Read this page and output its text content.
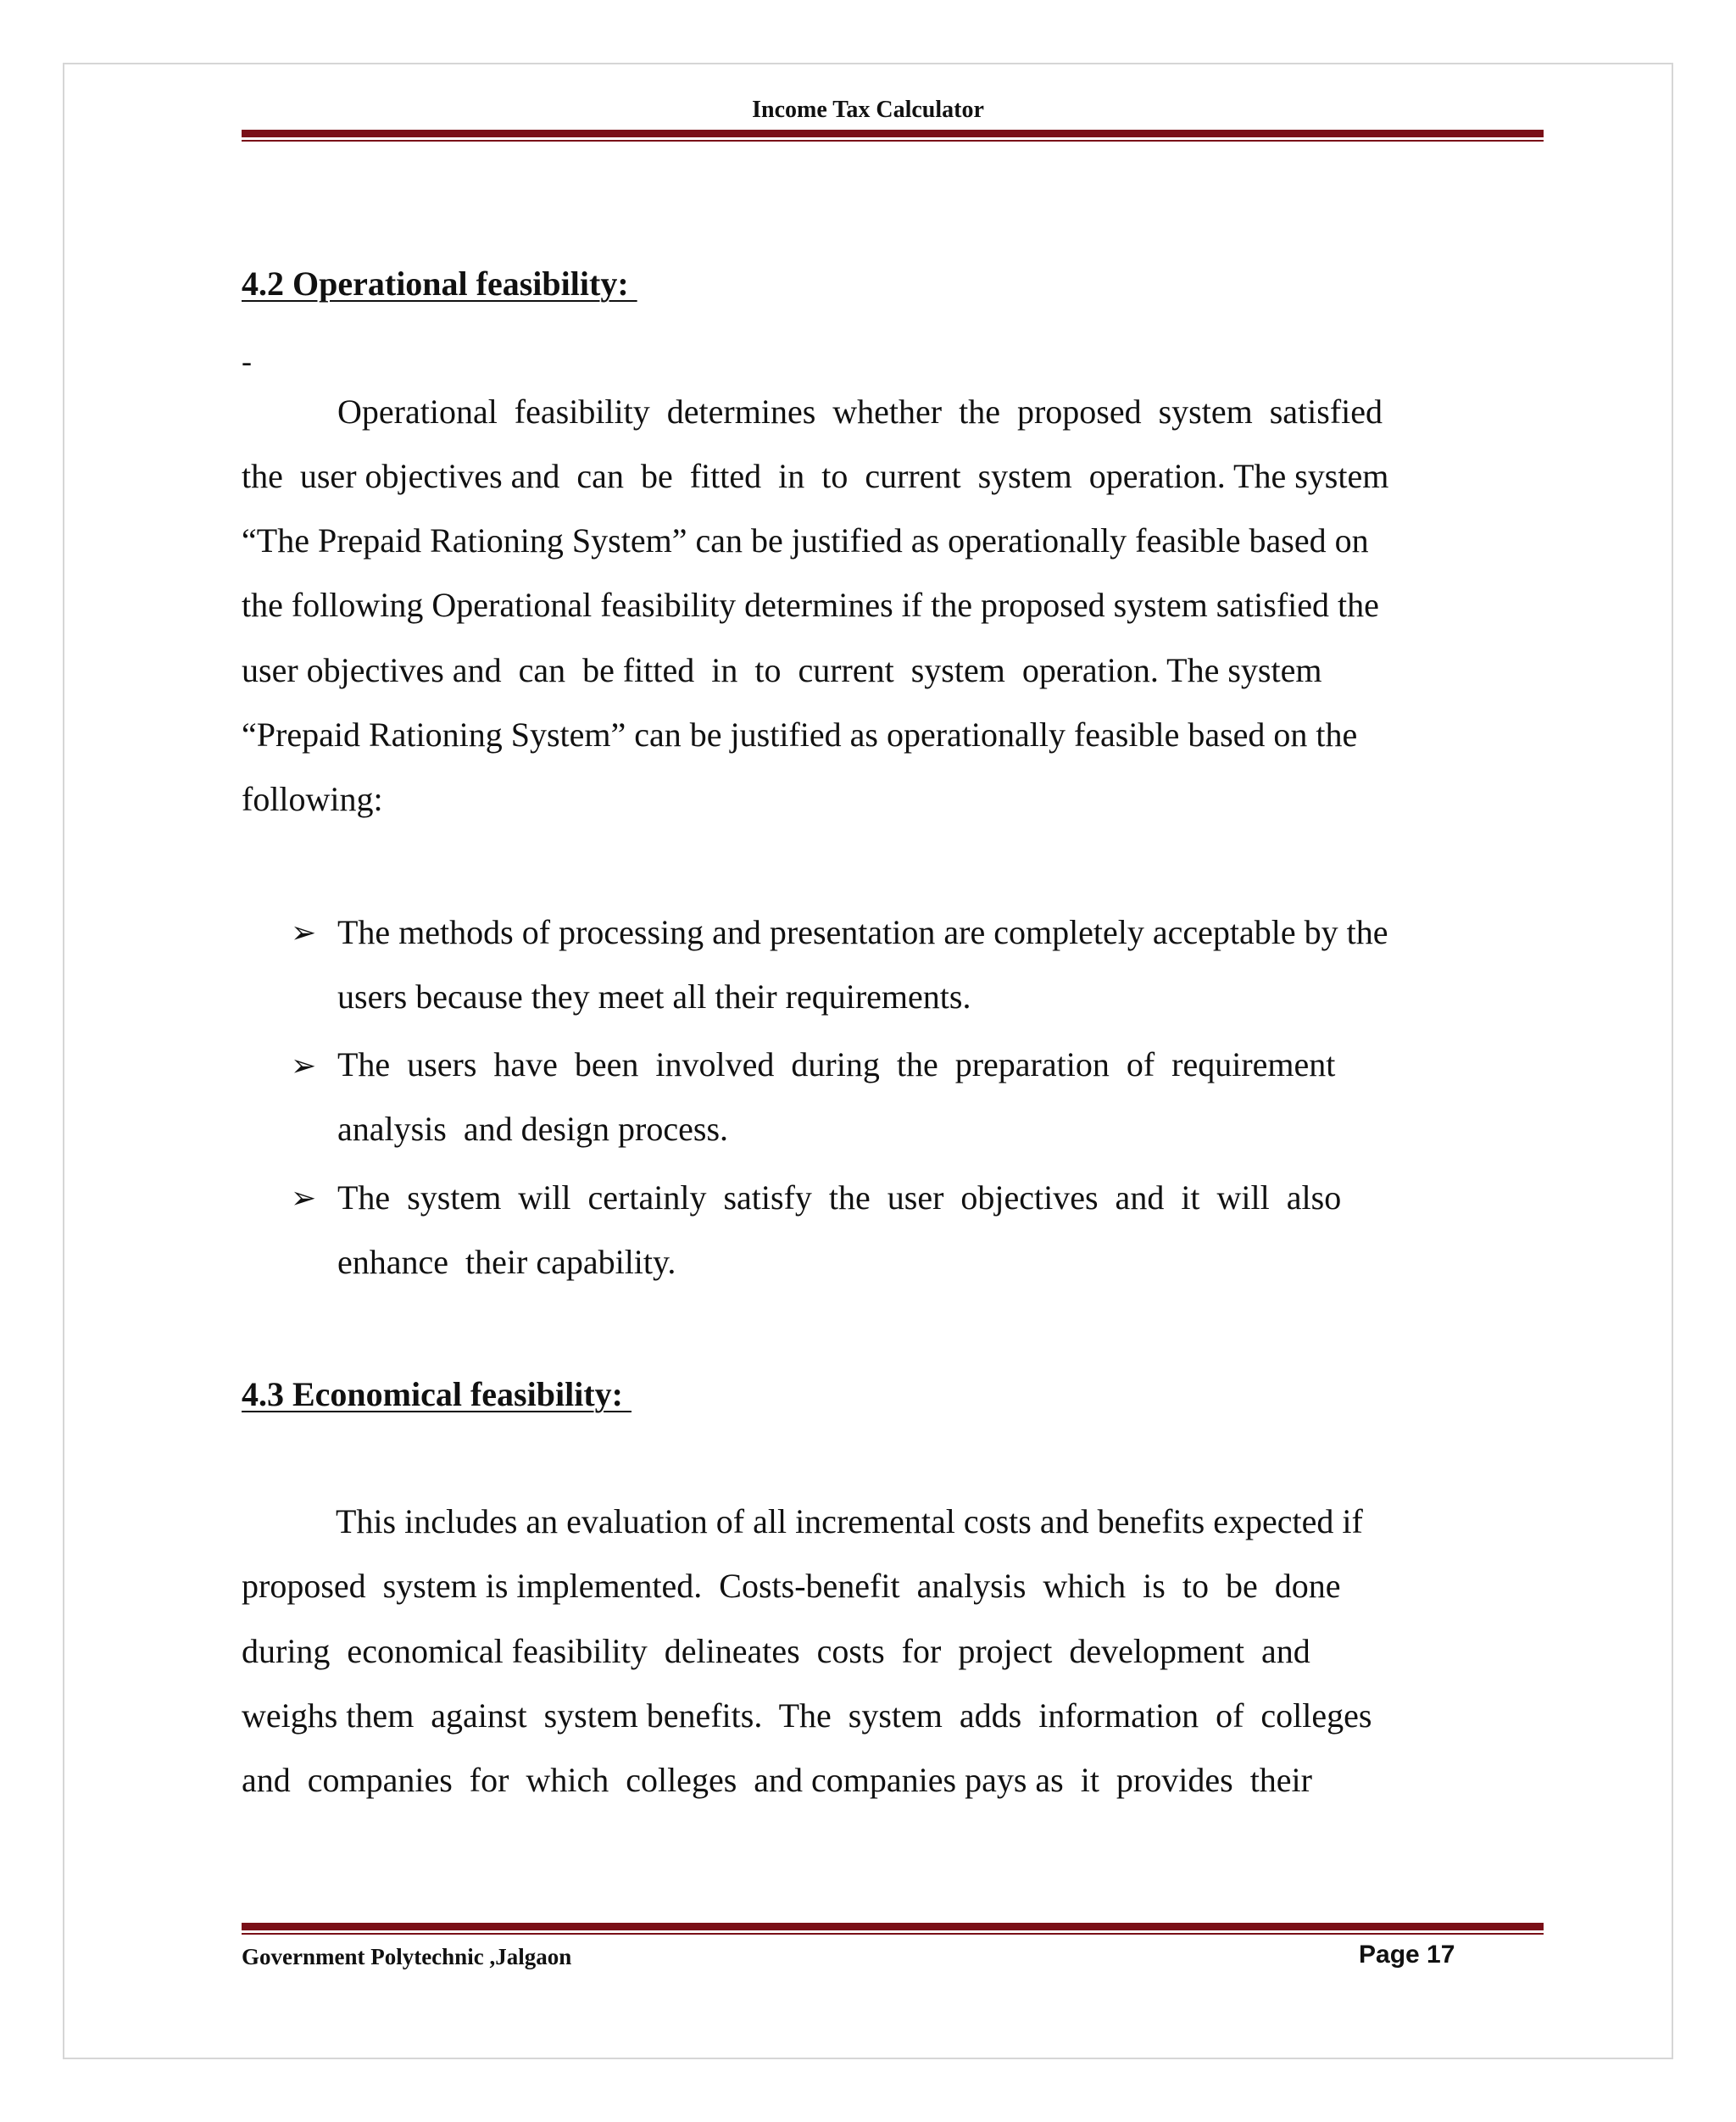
Income Tax Calculator
4.2 Operational feasibility:
-
Operational  feasibility  determines  whether  the  proposed  system  satisfied
the  user objectives and  can  be  fitted  in  to  current  system  operation. The system
“The Prepaid Rationing System” can be justified as operationally feasible based on
the following Operational feasibility determines if the proposed system satisfied the
user objectives and  can  be fitted  in  to  current  system  operation. The system
“Prepaid Rationing System” can be justified as operationally feasible based on the
following:
➢ The methods of processing and presentation are completely acceptable by the
users because they meet all their requirements.
➢ The  users  have  been  involved  during  the  preparation  of  requirement
analysis  and design process.
➢ The  system  will  certainly  satisfy  the  user  objectives  and  it  will  also
enhance  their capability.
4.3 Economical feasibility:
This includes an evaluation of all incremental costs and benefits expected if
proposed  system is implemented.  Costs-benefit  analysis  which  is  to  be  done
during  economical feasibility  delineates  costs  for  project  development  and
weighs them  against  system benefits.  The  system  adds  information  of  colleges
and  companies  for  which  colleges  and companies pays as  it  provides  their
Government Polytechnic ,Jalgaon	Page 17
